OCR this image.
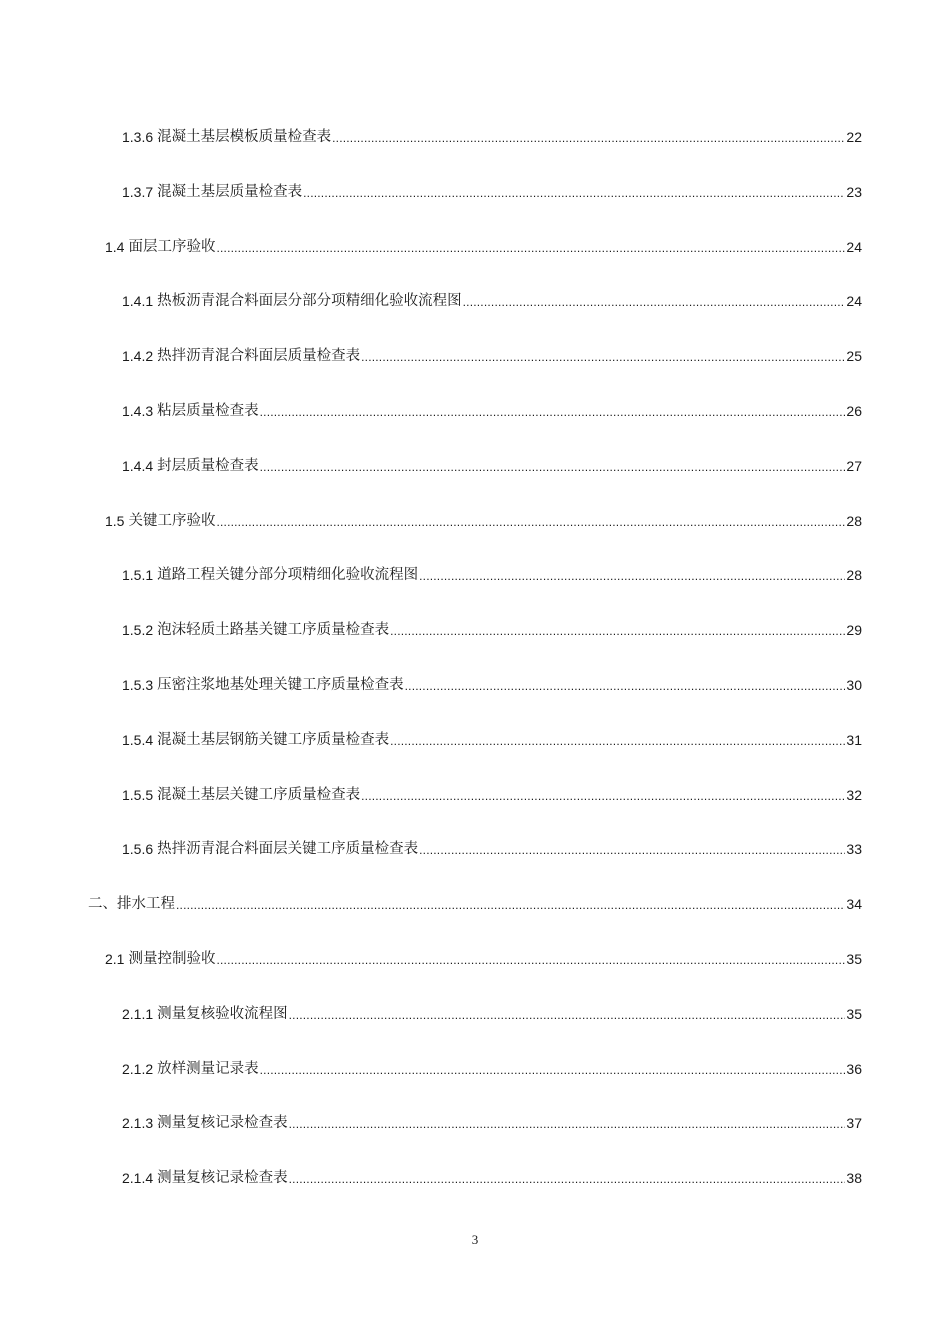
1.3.6 混凝土基层模板质量检查表 .....	22
1.3.7 混凝土基层质量检查表 .....	23
1.4 面层工序验收 .....	24
1.4.1 热板沥青混合料面层分部分项精细化验收流程图 .....	24
1.4.2 热拌沥青混合料面层质量检查表 .....	25
1.4.3 粘层质量检查表 .....	26
1.4.4 封层质量检查表 .....	27
1.5 关键工序验收 .....	28
1.5.1 道路工程关键分部分项精细化验收流程图 .....	28
1.5.2 泡沫轻质土路基关键工序质量检查表 .....	29
1.5.3 压密注浆地基处理关键工序质量检查表 .....	30
1.5.4 混凝土基层钢筋关键工序质量检查表 .....	31
1.5.5 混凝土基层关键工序质量检查表 .....	32
1.5.6 热拌沥青混合料面层关键工序质量检查表 .....	33
二、排水工程 .....	34
2.1 测量控制验收 .....	35
2.1.1 测量复核验收流程图 .....	35
2.1.2 放样测量记录表 .....	36
2.1.3 测量复核记录检查表 .....	37
2.1.4 测量复核记录检查表 .....	38
3
